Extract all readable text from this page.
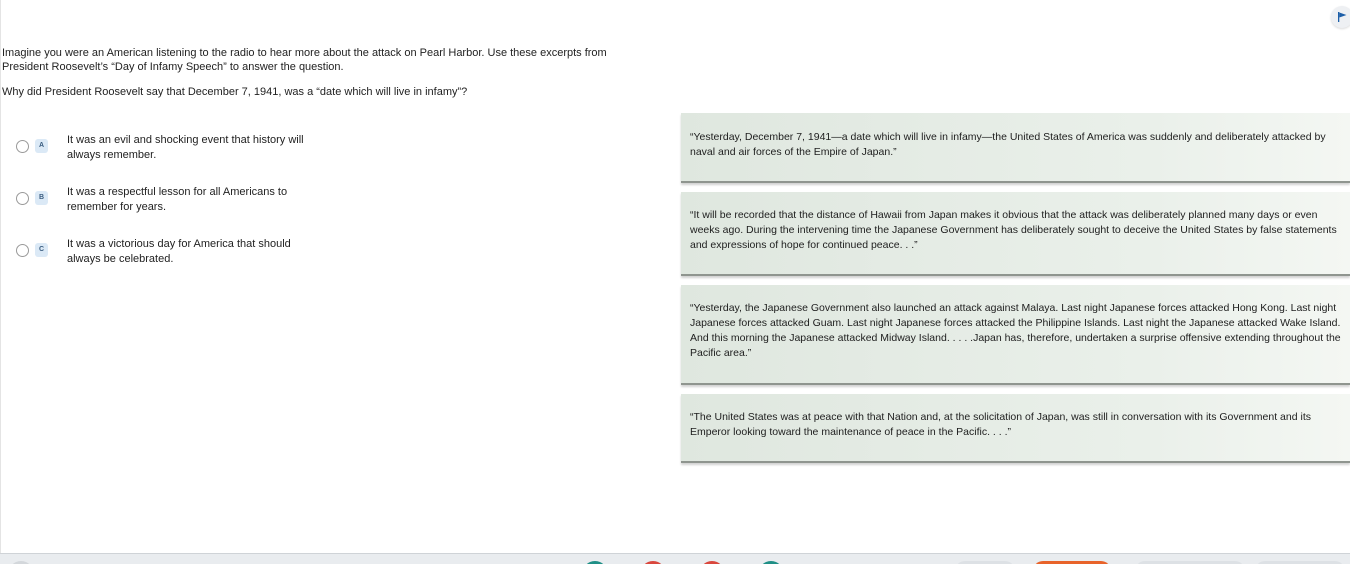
Imagine you were an American listening to the radio to hear more about the attack on Pearl Harbor. Use these excerpts from President Roosevelt’s “Day of Infamy Speech” to answer the question.
Why did President Roosevelt say that December 7, 1941, was a “date which will live in infamy”?
A	It was an evil and shocking event that history will always remember.
B	It was a respectful lesson for all Americans to remember for years.
C	It was a victorious day for America that should always be celebrated.
“Yesterday, December 7, 1941—a date which will live in infamy—the United States of America was suddenly and deliberately attacked by naval and air forces of the Empire of Japan.”
“It will be recorded that the distance of Hawaii from Japan makes it obvious that the attack was deliberately planned many days or even weeks ago. During the intervening time the Japanese Government has deliberately sought to deceive the United States by false statements and expressions of hope for continued peace. . .”
“Yesterday, the Japanese Government also launched an attack against Malaya. Last night Japanese forces attacked Hong Kong. Last night Japanese forces attacked Guam. Last night Japanese forces attacked the Philippine Islands. Last night the Japanese attacked Wake Island. And this morning the Japanese attacked Midway Island. . . . .Japan has, therefore, undertaken a surprise offensive extending throughout the Pacific area.”
“The United States was at peace with that Nation and, at the solicitation of Japan, was still in conversation with its Government and its Emperor looking toward the maintenance of peace in the Pacific. . . .”
